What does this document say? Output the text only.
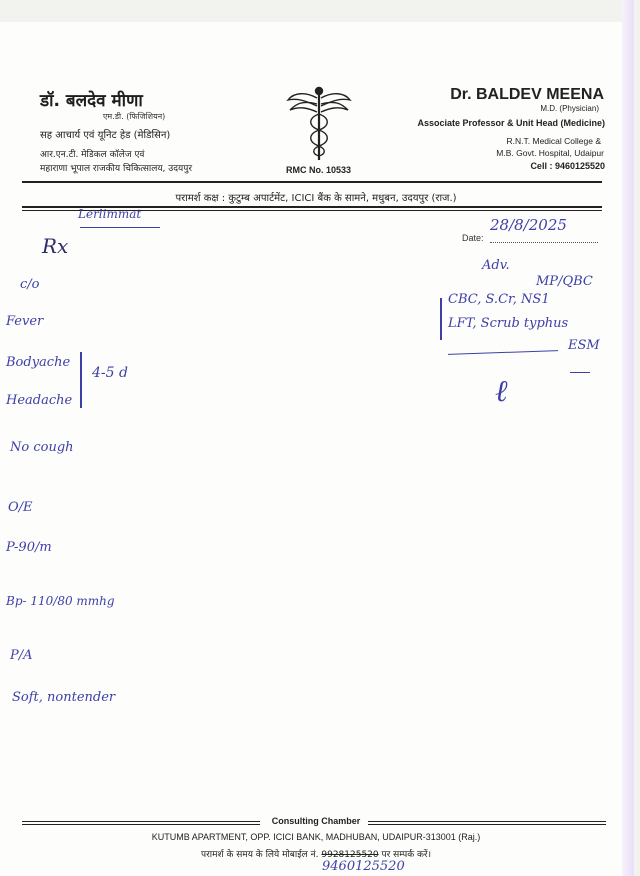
डॉ. बलदेव मीणा
एम.डी. (फिजिशियन)
सह आचार्य एवं यूनिट हेड (मेडिसिन)
आर.एन.टी. मेडिकल कॉलेज एवं
महाराणा भूपाल राजकीय चिकित्सालय, उदयपुर	RMC No. 10533
Dr. BALDEV MEENA
M.D. (Physician)
Associate Professor & Unit Head (Medicine)
R.N.T. Medical College &
M.B. Govt. Hospital, Udaipur
Cell : 9460125520
परामर्श कक्ष : कुटुम्ब अपार्टमेंट, ICICI बैंक के सामने, मधुबन, उदयपुर (राज.)
Date:
28/8/2025
Lerlimmat
Rx
c/o
Fever
Bodyache
Headache
No cough
4-5 d
O/E
P-90/m
Bp- 110/80 mmhg
P/A
Soft, nontender
Adv.
MP/QBC
CBC, S.Cr, NS1
LFT, Scrub typhus
ESM
ℓ
Consulting Chamber
KUTUMB APARTMENT, OPP. ICICI BANK, MADHUBAN, UDAIPUR-313001 (Raj.)
परामर्श के समय के लिये मोबाईल नं. 9928125520 पर सम्पर्क करें।
9460125520
